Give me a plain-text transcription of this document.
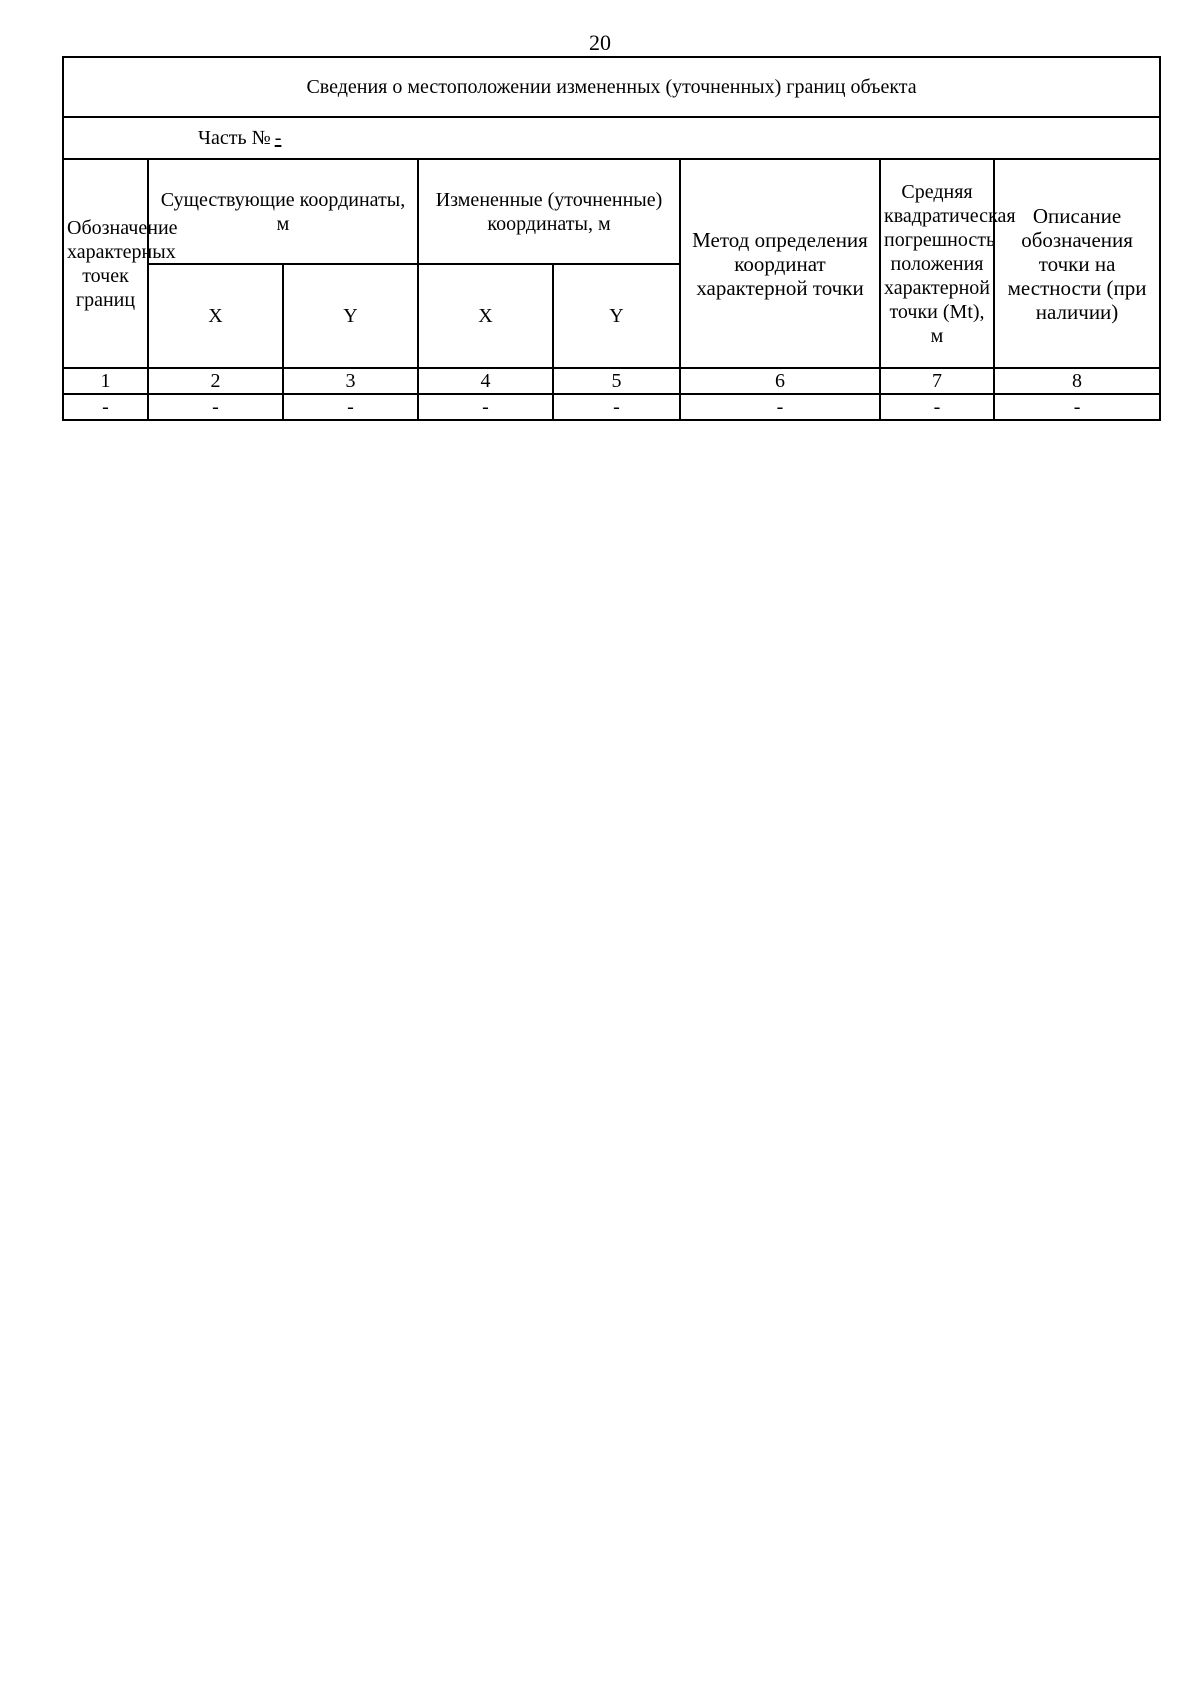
20
Сведения о местоположении измененных (уточненных) границ объекта							
Часть № -							
Обозначение характерных точек границ	Существующие координаты, м		Измененные (уточненные) координаты, м		Метод определения координат характерной точки	Средняя квадратическая погрешность положения характерной точки (Mt), м	Описание обозначения точки на местности (при наличии)
	X	Y	X	Y			
1	2	3	4	5	6	7	8
-	-	-	-	-	-	-	-
